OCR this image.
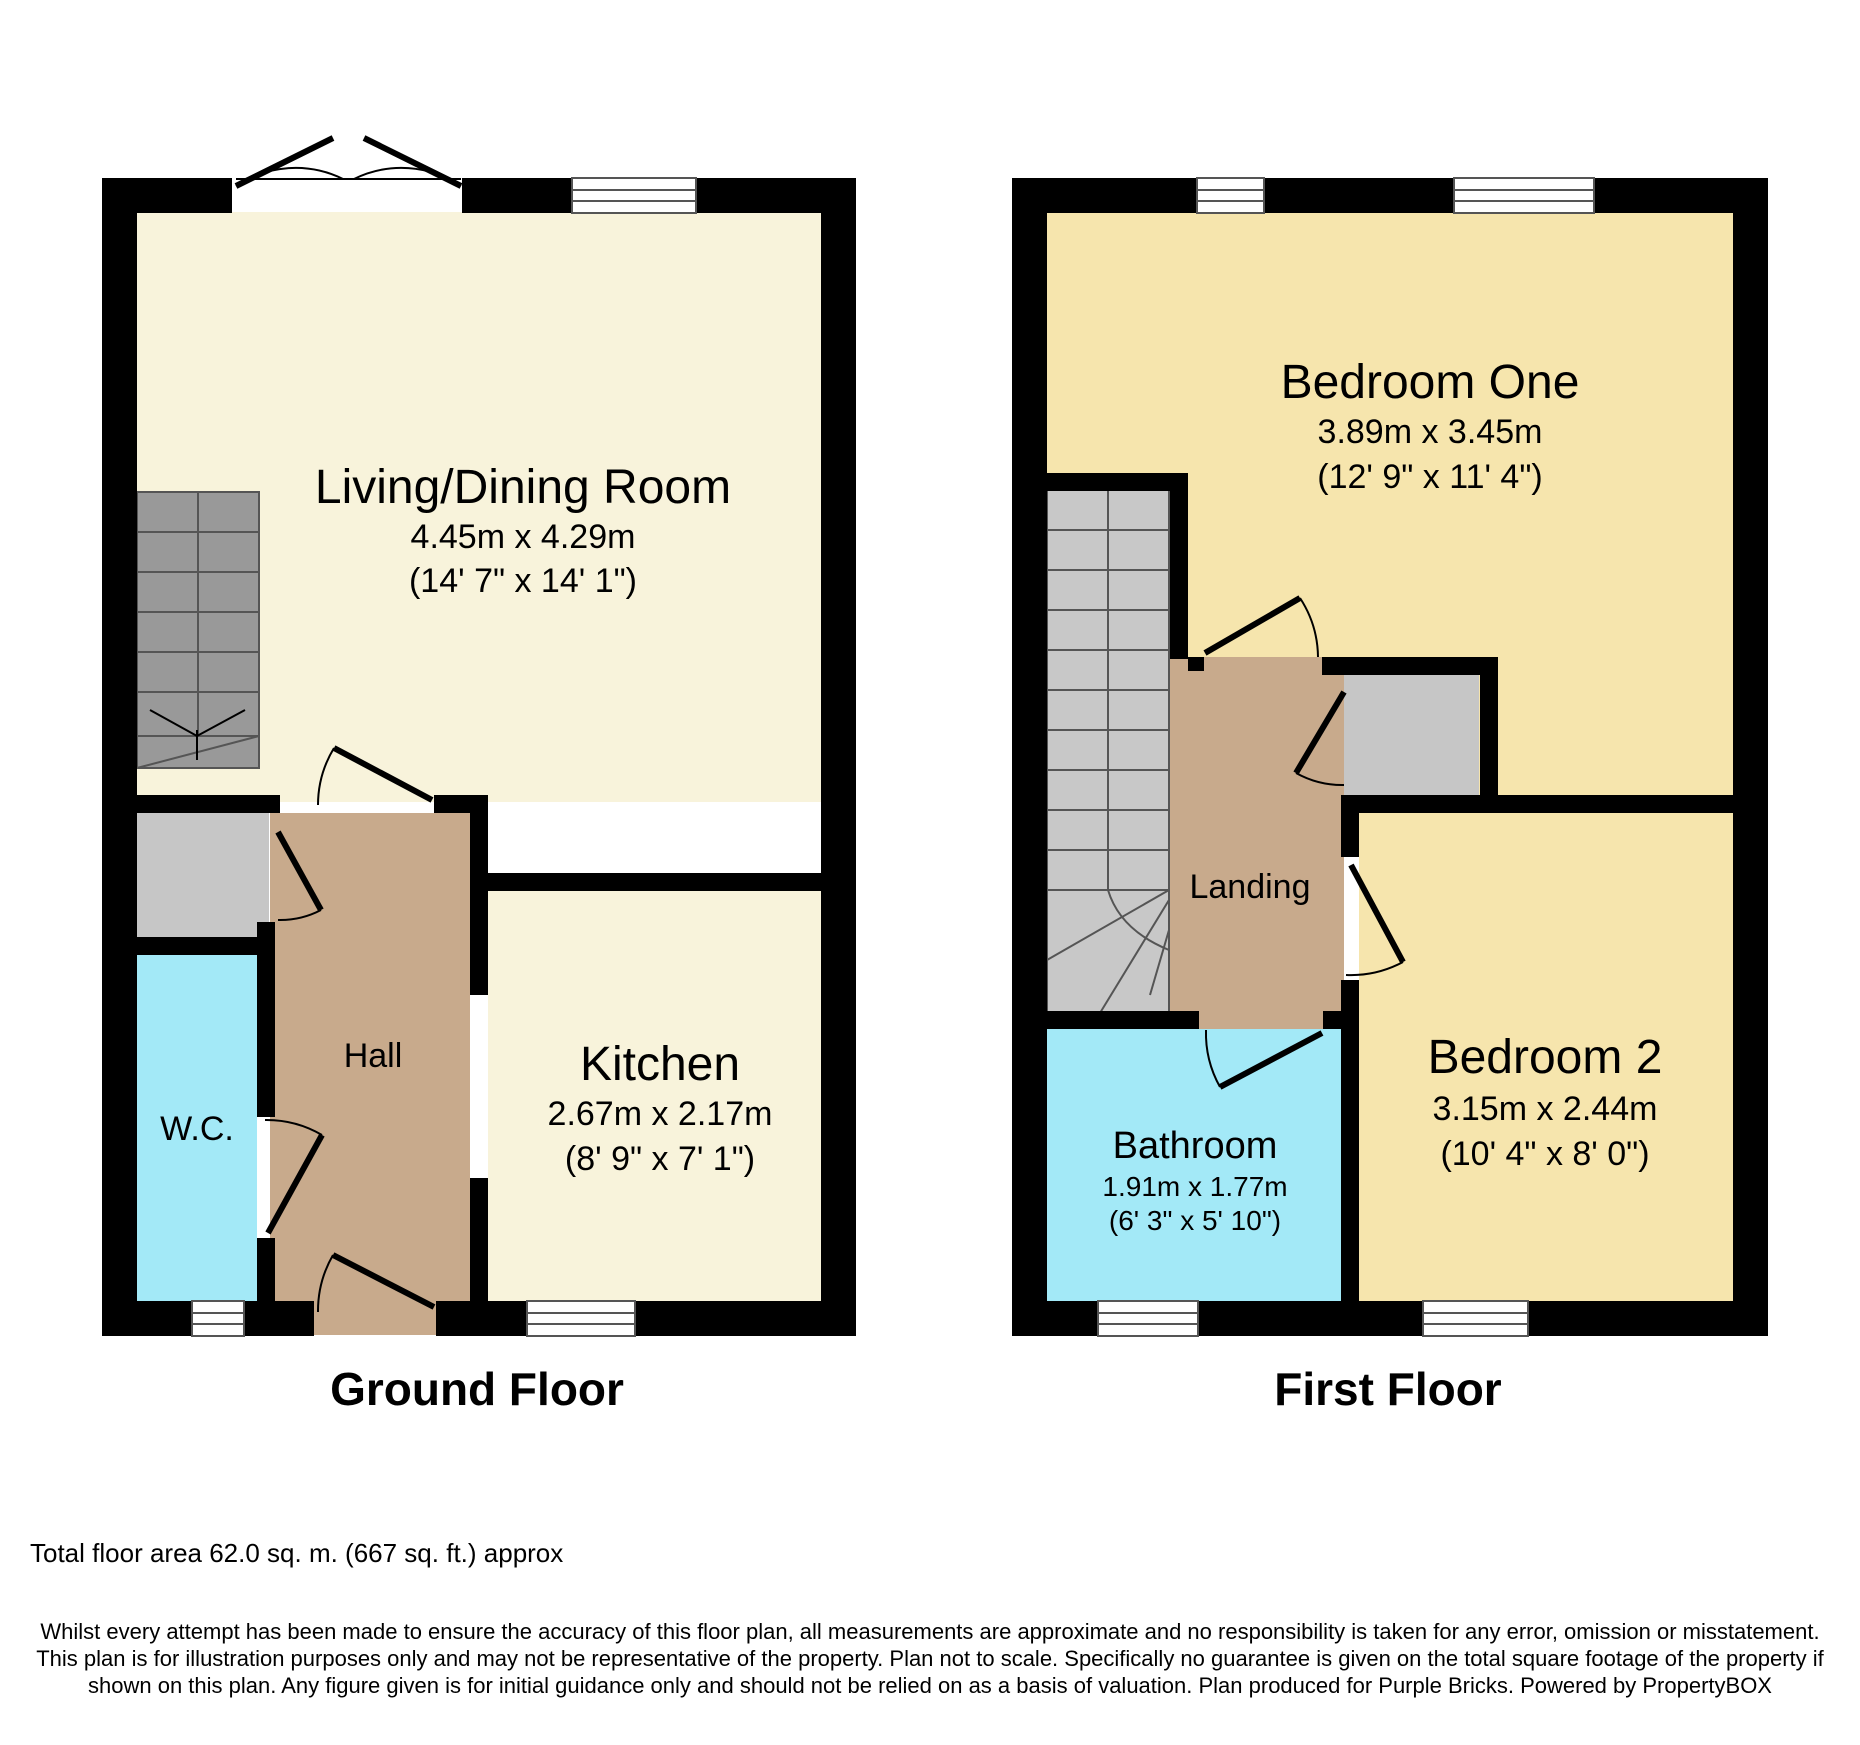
Living/Dining Room
4.45m x 4.29m
(14' 7" x 14' 1")
Kitchen
2.67m x 2.17m
(8' 9" x 7' 1")
Hall
W.C.
Ground Floor
Bedroom One
3.89m x 3.45m
(12' 9" x 11' 4")
Bedroom 2
3.15m x 2.44m
(10' 4" x 8' 0")
Bathroom
1.91m x 1.77m
(6' 3" x 5' 10")
Landing
First Floor
Total floor area 62.0 sq. m. (667 sq. ft.) approx
Whilst every attempt has been made to ensure the accuracy of this floor plan, all measurements are approximate and no responsibility is taken for any error, omission or misstatement. This plan is for illustration purposes only and may not be representative of the property. Plan not to scale. Specifically no guarantee is given on the total square footage of the property if shown on this plan. Any figure given is for initial guidance only and should not be relied on as a basis of valuation. Plan produced for Purple Bricks. Powered by PropertyBOX
